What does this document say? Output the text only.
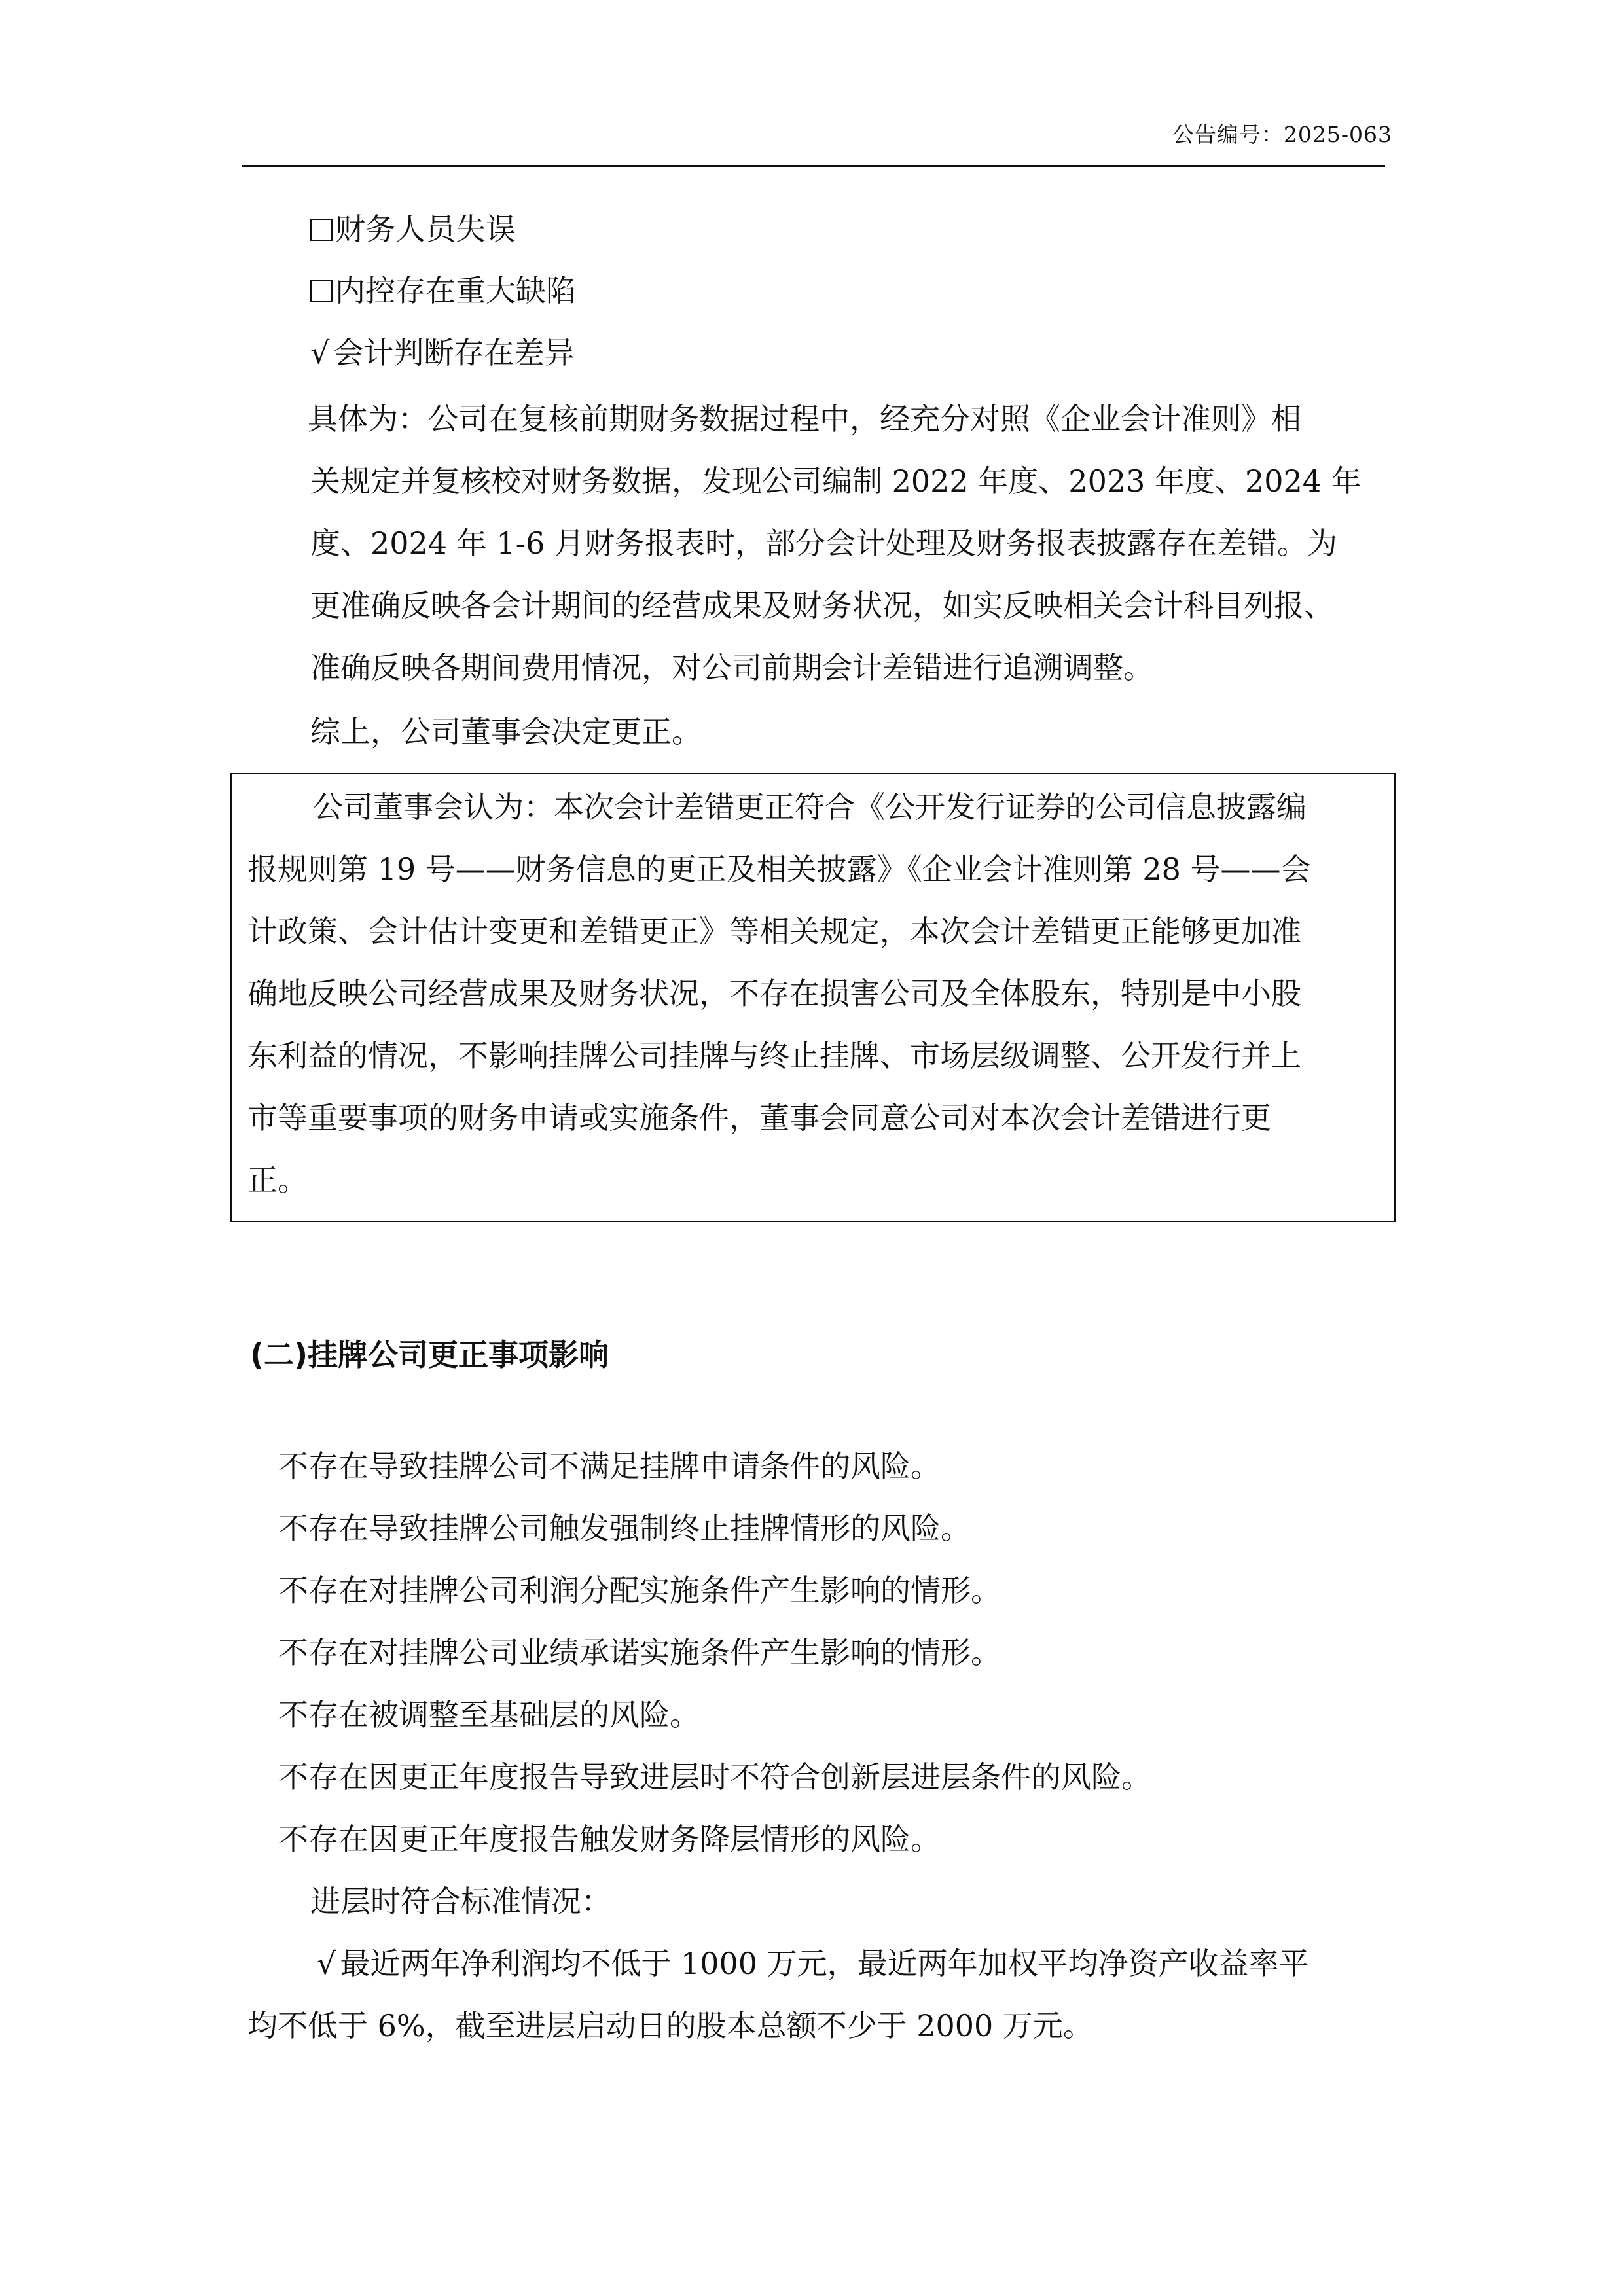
公告编号：2025-063
财务人员失误
内控存在重大缺陷
√ 会计判断存在差异
具体为：公司在复核前期财务数据过程中，经充分对照《企业会计准则》相
关规定并复核校对财务数据，发现公司编制 2022 年度、2023 年度、2024 年
度、2024 年 1-6 月财务报表时，部分会计处理及财务报表披露存在差错。为
更准确反映各会计期间的经营成果及财务状况，如实反映相关会计科目列报、
准确反映各期间费用情况，对公司前期会计差错进行追溯调整。
综上，公司董事会决定更正。
公司董事会认为：本次会计差错更正符合《公开发行证券的公司信息披露编
报规则第 19 号——财务信息的更正及相关披露》《企业会计准则第 28 号——会
计政策、会计估计变更和差错更正》等相关规定，本次会计差错更正能够更加准
确地反映公司经营成果及财务状况，不存在损害公司及全体股东，特别是中小股
东利益的情况，不影响挂牌公司挂牌与终止挂牌、市场层级调整、公开发行并上
市等重要事项的财务申请或实施条件，董事会同意公司对本次会计差错进行更
正。
(二)挂牌公司更正事项影响
不存在导致挂牌公司不满足挂牌申请条件的风险。
不存在导致挂牌公司触发强制终止挂牌情形的风险。
不存在对挂牌公司利润分配实施条件产生影响的情形。
不存在对挂牌公司业绩承诺实施条件产生影响的情形。
不存在被调整至基础层的风险。
不存在因更正年度报告导致进层时不符合创新层进层条件的风险。
不存在因更正年度报告触发财务降层情形的风险。
进层时符合标准情况：
√ 最近两年净利润均不低于 1000 万元，最近两年加权平均净资产收益率平
均不低于 6%，截至进层启动日的股本总额不少于 2000 万元。
